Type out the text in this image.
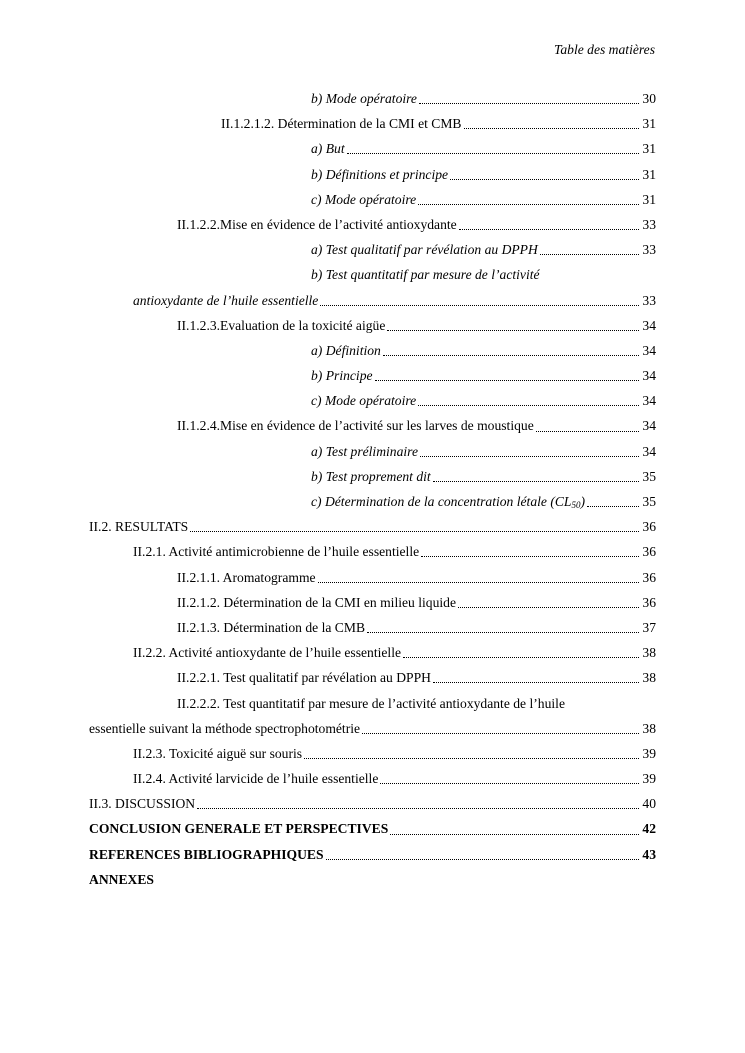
Table des matières
b) Mode opératoire	30
II.1.2.1.2. Détermination de la CMI et CMB	31
a) But	31
b) Définitions et principe	31
c) Mode opératoire	31
II.1.2.2.Mise en évidence de l’activité antioxydante	33
a) Test qualitatif par révélation au DPPH	33
b) Test quantitatif par mesure de l’activité
antioxydante de l’huile essentielle	33
II.1.2.3.Evaluation de la toxicité aigüe	34
a) Définition	34
b) Principe	34
c) Mode opératoire	34
II.1.2.4.Mise en évidence de l’activité sur les larves de moustique	34
a) Test préliminaire	34
b) Test proprement dit	35
c) Détermination de la concentration létale $(CL_{50})$	35
II.2. RESULTATS	36
II.2.1. Activité antimicrobienne de l’huile essentielle	36
II.2.1.1. Aromatogramme	36
II.2.1.2. Détermination de la CMI en milieu liquide	36
II.2.1.3. Détermination de la CMB	37
II.2.2. Activité antioxydante de l’huile essentielle	38
II.2.2.1. Test qualitatif par révélation au DPPH	38
II.2.2.2. Test quantitatif par mesure de l’activité antioxydante de l’huile
essentielle suivant la méthode spectrophotométrie	38
II.2.3. Toxicité aiguë sur souris	39
II.2.4. Activité larvicide de l’huile essentielle	39
II.3. DISCUSSION	40
CONCLUSION GENERALE ET PERSPECTIVES	42
REFERENCES BIBLIOGRAPHIQUES	43
ANNEXES
